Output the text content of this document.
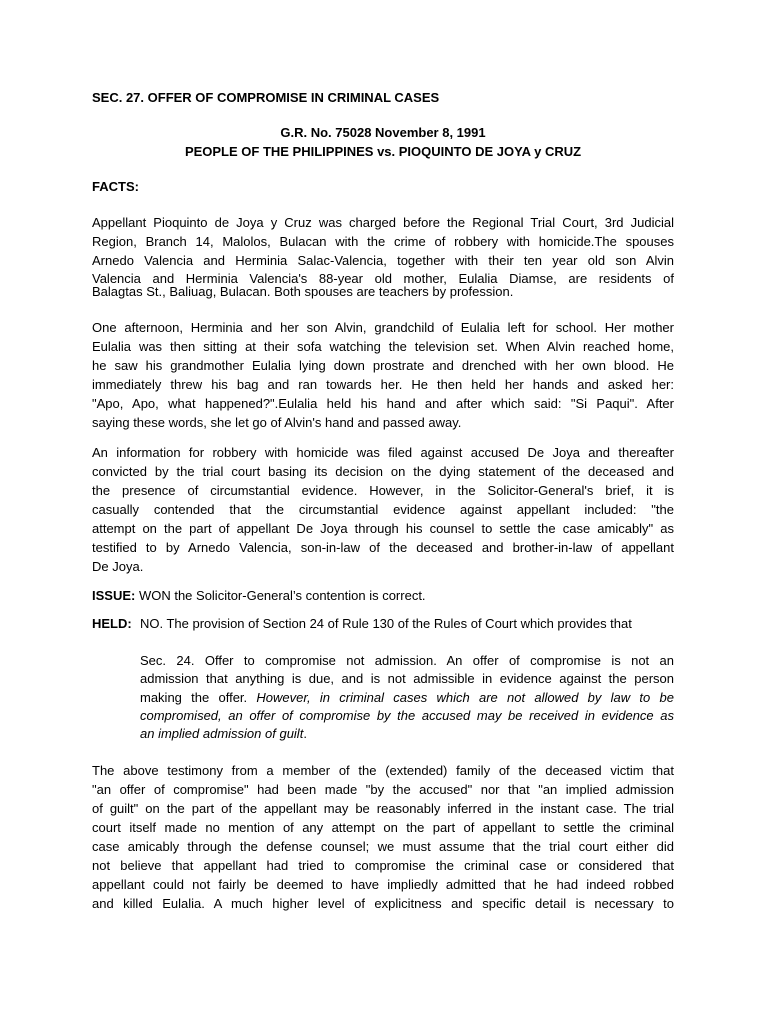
SEC. 27. OFFER OF COMPROMISE IN CRIMINAL CASES
G.R. No. 75028 November 8, 1991
PEOPLE OF THE PHILIPPINES vs. PIOQUINTO DE JOYA y CRUZ
FACTS:
Appellant Pioquinto de Joya y Cruz was charged before the Regional Trial Court, 3rd Judicial
Region, Branch 14, Malolos, Bulacan with the crime of robbery with homicide.The spouses
Arnedo Valencia and Herminia Salac-Valencia, together with their ten year old son Alvin
Valencia and Herminia Valencia's 88-year old mother, Eulalia Diamse, are residents of
Balagtas St., Baliuag, Bulacan. Both spouses are teachers by profession.
One afternoon, Herminia and her son Alvin, grandchild of Eulalia left for school. Her mother
Eulalia was then sitting at their sofa watching the television set. When Alvin reached home,
he saw his grandmother Eulalia lying down prostrate and drenched with her own blood. He
immediately threw his bag and ran towards her. He then held her hands and asked her:
"Apo, Apo, what happened?".Eulalia held his hand and after which said: "Si Paqui". After
saying these words, she let go of Alvin's hand and passed away.
An information for robbery with homicide was filed against accused De Joya and thereafter
convicted by the trial court basing its decision on the dying statement of the deceased and
the presence of circumstantial evidence. However, in the Solicitor-General's brief, it is
casually contended that the circumstantial evidence against appellant included: "the
attempt on the part of appellant De Joya through his counsel to settle the case amicably" as
testified to by Arnedo Valencia, son-in-law of the deceased and brother-in-law of appellant
De Joya.
ISSUE: WON the Solicitor-General’s contention is correct.
HELD: NO. The provision of Section 24 of Rule 130 of the Rules of Court which provides that
Sec. 24. Offer to compromise not admission. An offer of compromise is not an
admission that anything is due, and is not admissible in evidence against the person
making the offer. However, in criminal cases which are not allowed by law to be
compromised, an offer of compromise by the accused may be received in evidence as
an implied admission of guilt.
The above testimony from a member of the (extended) family of the deceased victim that
"an offer of compromise" had been made "by the accused" nor that "an implied admission
of guilt" on the part of the appellant may be reasonably inferred in the instant case. The trial
court itself made no mention of any attempt on the part of appellant to settle the criminal
case amicably through the defense counsel; we must assume that the trial court either did
not believe that appellant had tried to compromise the criminal case or considered that
appellant could not fairly be deemed to have impliedly admitted that he had indeed robbed
and killed Eulalia. A much higher level of explicitness and specific detail is necessary to
